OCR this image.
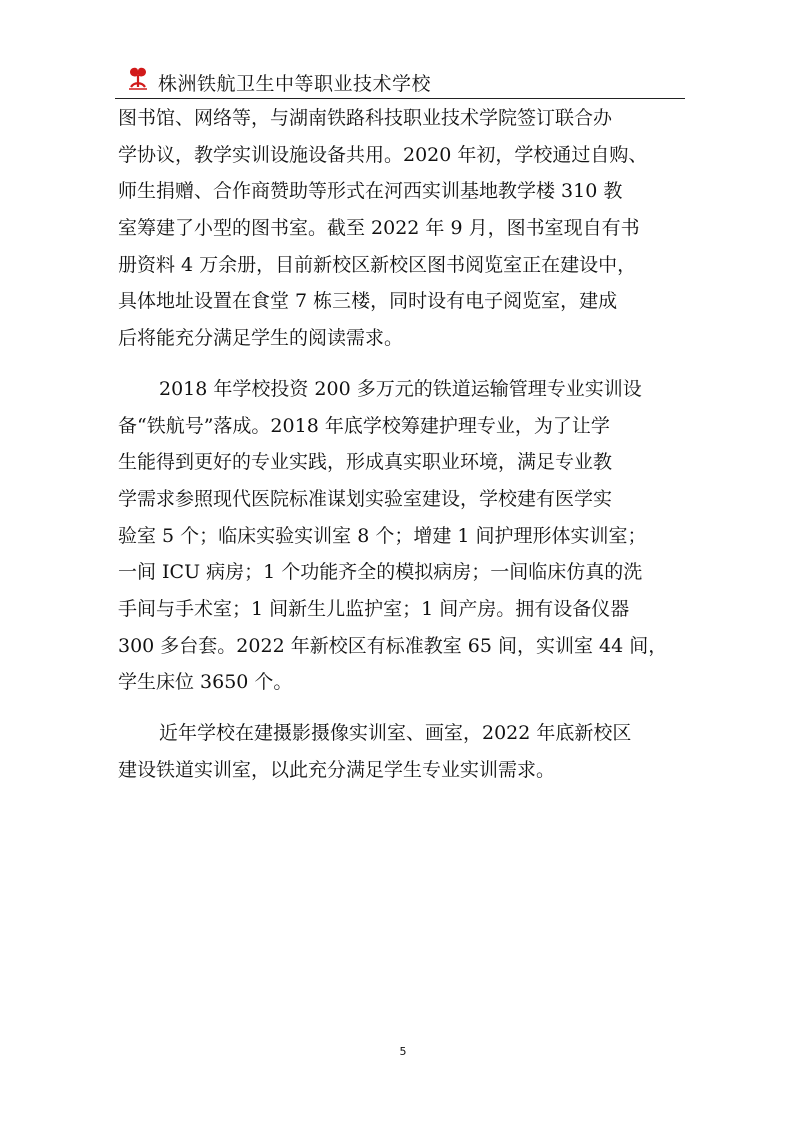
株洲铁航卫生中等职业技术学校
图书馆、网络等，与湖南铁路科技职业技术学院签订联合办
学协议，教学实训设施设备共用。2020 年初，学校通过自购、
师生捐赠、合作商赞助等形式在河西实训基地教学楼 310 教
室筹建了小型的图书室。截至 2022 年 9 月，图书室现自有书
册资料 4 万余册，目前新校区新校区图书阅览室正在建设中，
具体地址设置在食堂 7 栋三楼，同时设有电子阅览室，建成
后将能充分满足学生的阅读需求。
2018 年学校投资 200 多万元的铁道运输管理专业实训设
备“铁航号”落成。2018 年底学校筹建护理专业，为了让学
生能得到更好的专业实践，形成真实职业环境，满足专业教
学需求参照现代医院标准谋划实验室建设，学校建有医学实
验室 5 个；临床实验实训室 8 个；增建 1 间护理形体实训室；
一间 ICU 病房；1 个功能齐全的模拟病房；一间临床仿真的洗
手间与手术室；1 间新生儿监护室；1 间产房。拥有设备仪器
300 多台套。2022 年新校区有标准教室 65 间，实训室 44 间，
学生床位 3650 个。
近年学校在建摄影摄像实训室、画室，2022 年底新校区
建设铁道实训室，以此充分满足学生专业实训需求。
5
